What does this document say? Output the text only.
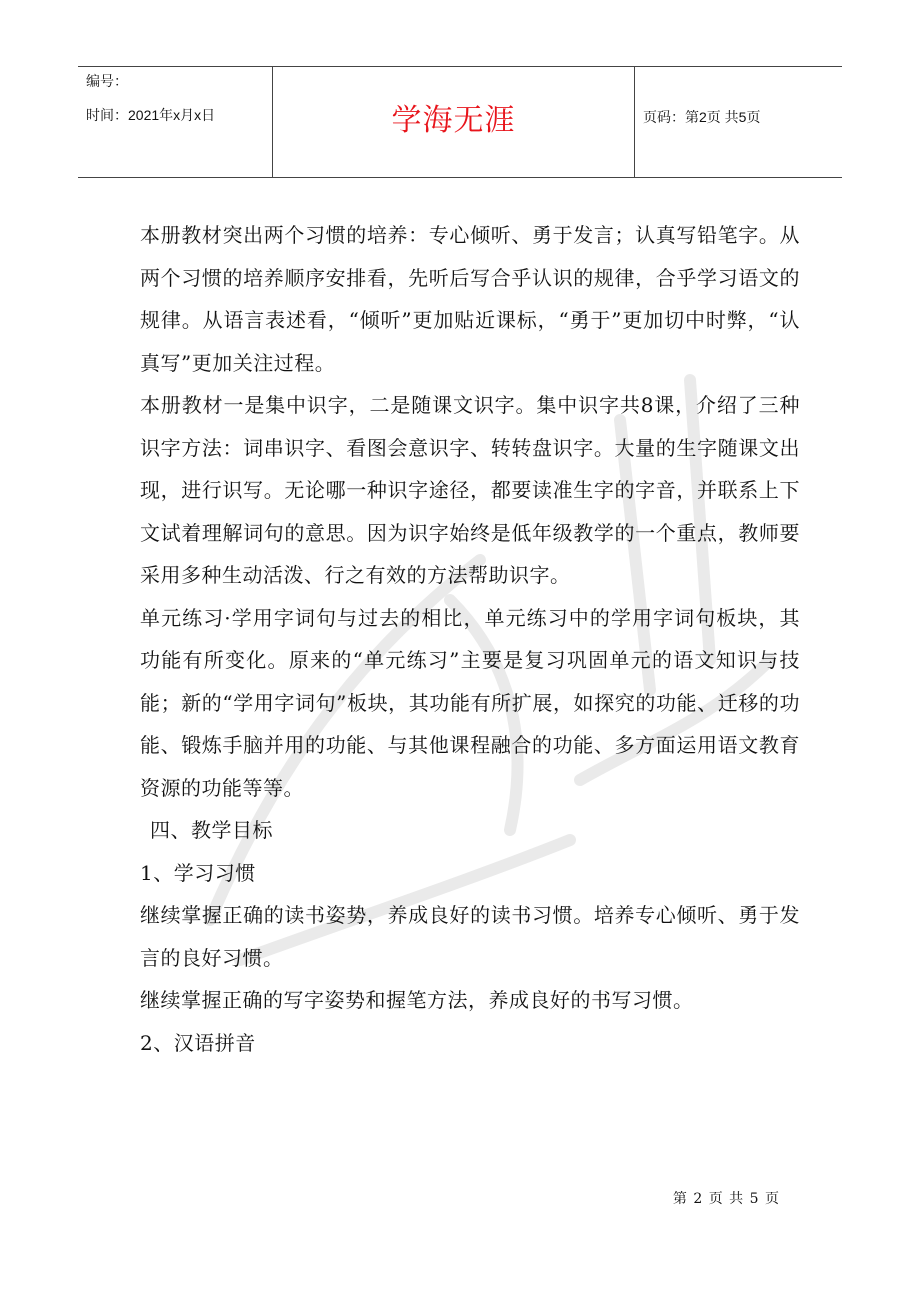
编号：
时间：2021年x月x日	学海无涯	页码：第2页 共5页

本册教材突出两个习惯的培养：专心倾听、勇于发言；认真写铅笔字。从两个习惯的培养顺序安排看，先听后写合乎认识的规律，合乎学习语文的规律。从语言表述看，“倾听”更加贴近课标，“勇于”更加切中时弊，“认真写”更加关注过程。

本册教材一是集中识字，二是随课文识字。集中识字共8课，介绍了三种识字方法：词串识字、看图会意识字、转转盘识字。大量的生字随课文出现，进行识写。无论哪一种识字途径，都要读准生字的字音，并联系上下文试着理解词句的意思。因为识字始终是低年级教学的一个重点，教师要采用多种生动活泼、行之有效的方法帮助识字。

单元练习·学用字词句与过去的相比，单元练习中的学用字词句板块，其功能有所变化。原来的“单元练习”主要是复习巩固单元的语文知识与技能；新的“学用字词句”板块，其功能有所扩展，如探究的功能、迁移的功能、锻炼手脑并用的功能、与其他课程融合的功能、多方面运用语文教育资源的功能等等。

四、教学目标

1、学习习惯

继续掌握正确的读书姿势，养成良好的读书习惯。培养专心倾听、勇于发言的良好习惯。

继续掌握正确的写字姿势和握笔方法，养成良好的书写习惯。

2、汉语拼音

第 2 页 共 5 页
